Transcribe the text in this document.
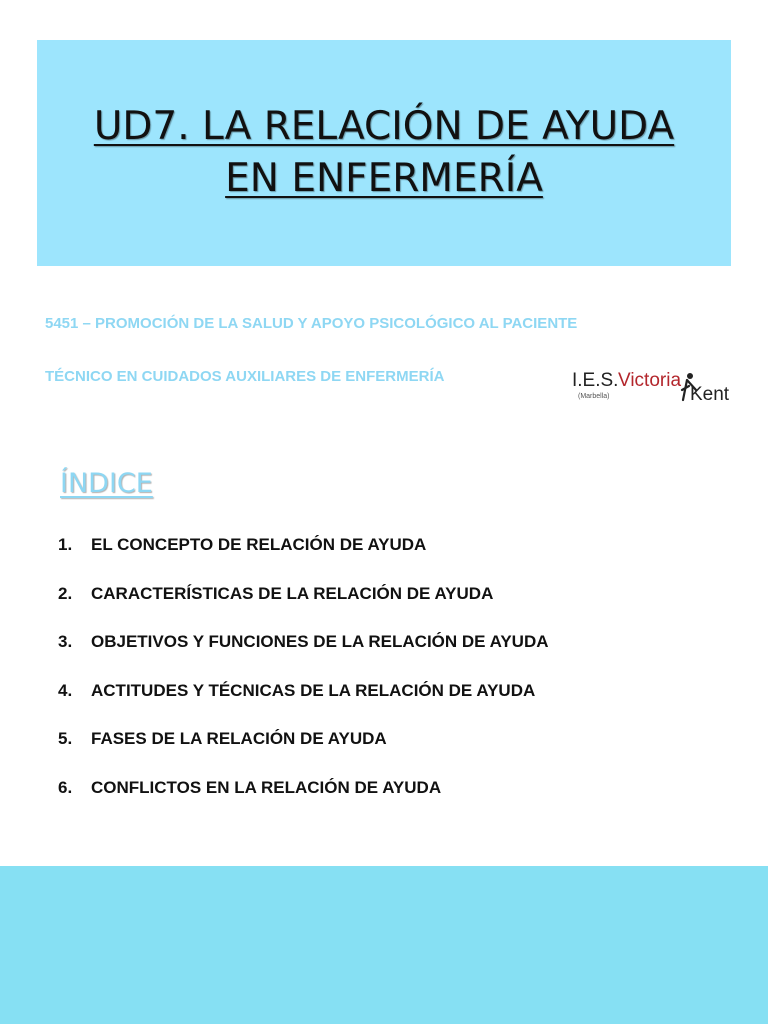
UD7. LA RELACIÓN DE AYUDA EN ENFERMERÍA
5451 – PROMOCIÓN DE LA SALUD Y APOYO PSICOLÓGICO AL PACIENTE
TÉCNICO EN CUIDADOS AUXILIARES DE ENFERMERÍA	I.E.S. Victoria
Kent
(Marbella)
ÍNDICE
1.	EL CONCEPTO DE RELACIÓN DE AYUDA
2.	CARACTERÍSTICAS DE LA RELACIÓN DE AYUDA
3.	OBJETIVOS Y FUNCIONES DE LA RELACIÓN DE AYUDA
4.	ACTITUDES Y TÉCNICAS DE LA RELACIÓN DE AYUDA
5.	FASES DE LA RELACIÓN DE AYUDA
6.	CONFLICTOS EN LA RELACIÓN DE AYUDA
